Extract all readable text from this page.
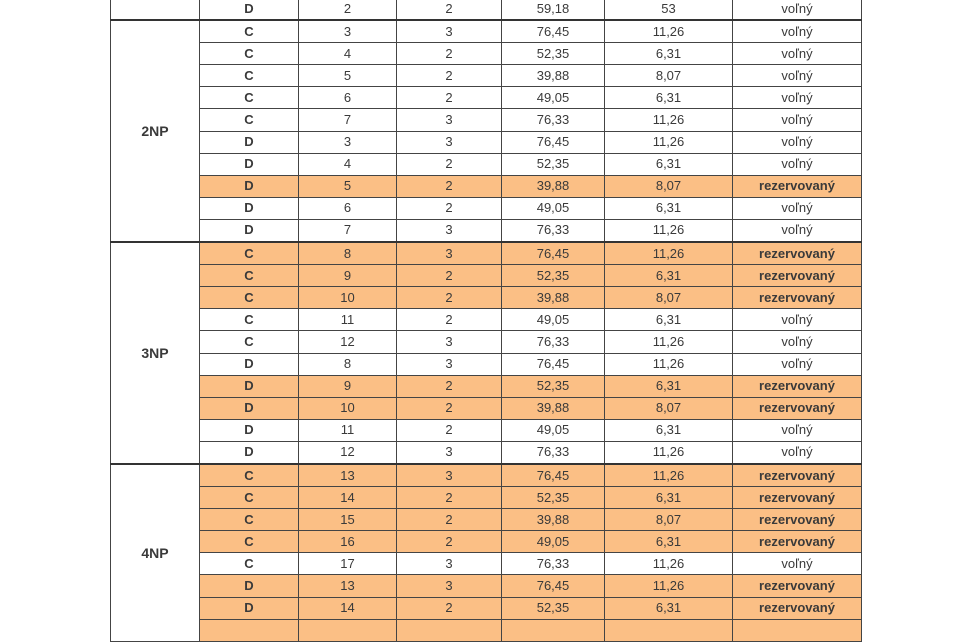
	D	2	2	59,18	53	voľný
2NP	C	3	3	76,45	11,26	voľný
	C	4	2	52,35	6,31	voľný
	C	5	2	39,88	8,07	voľný
	C	6	2	49,05	6,31	voľný
	C	7	3	76,33	11,26	voľný
	D	3	3	76,45	11,26	voľný
	D	4	2	52,35	6,31	voľný
	D	5	2	39,88	8,07	rezervovaný
	D	6	2	49,05	6,31	voľný
	D	7	3	76,33	11,26	voľný
3NP	C	8	3	76,45	11,26	rezervovaný
	C	9	2	52,35	6,31	rezervovaný
	C	10	2	39,88	8,07	rezervovaný
	C	11	2	49,05	6,31	voľný
	C	12	3	76,33	11,26	voľný
	D	8	3	76,45	11,26	voľný
	D	9	2	52,35	6,31	rezervovaný
	D	10	2	39,88	8,07	rezervovaný
	D	11	2	49,05	6,31	voľný
	D	12	3	76,33	11,26	voľný
4NP	C	13	3	76,45	11,26	rezervovaný
	C	14	2	52,35	6,31	rezervovaný
	C	15	2	39,88	8,07	rezervovaný
	C	16	2	49,05	6,31	rezervovaný
	C	17	3	76,33	11,26	voľný
	D	13	3	76,45	11,26	rezervovaný
	D	14	2	52,35	6,31	rezervovaný
